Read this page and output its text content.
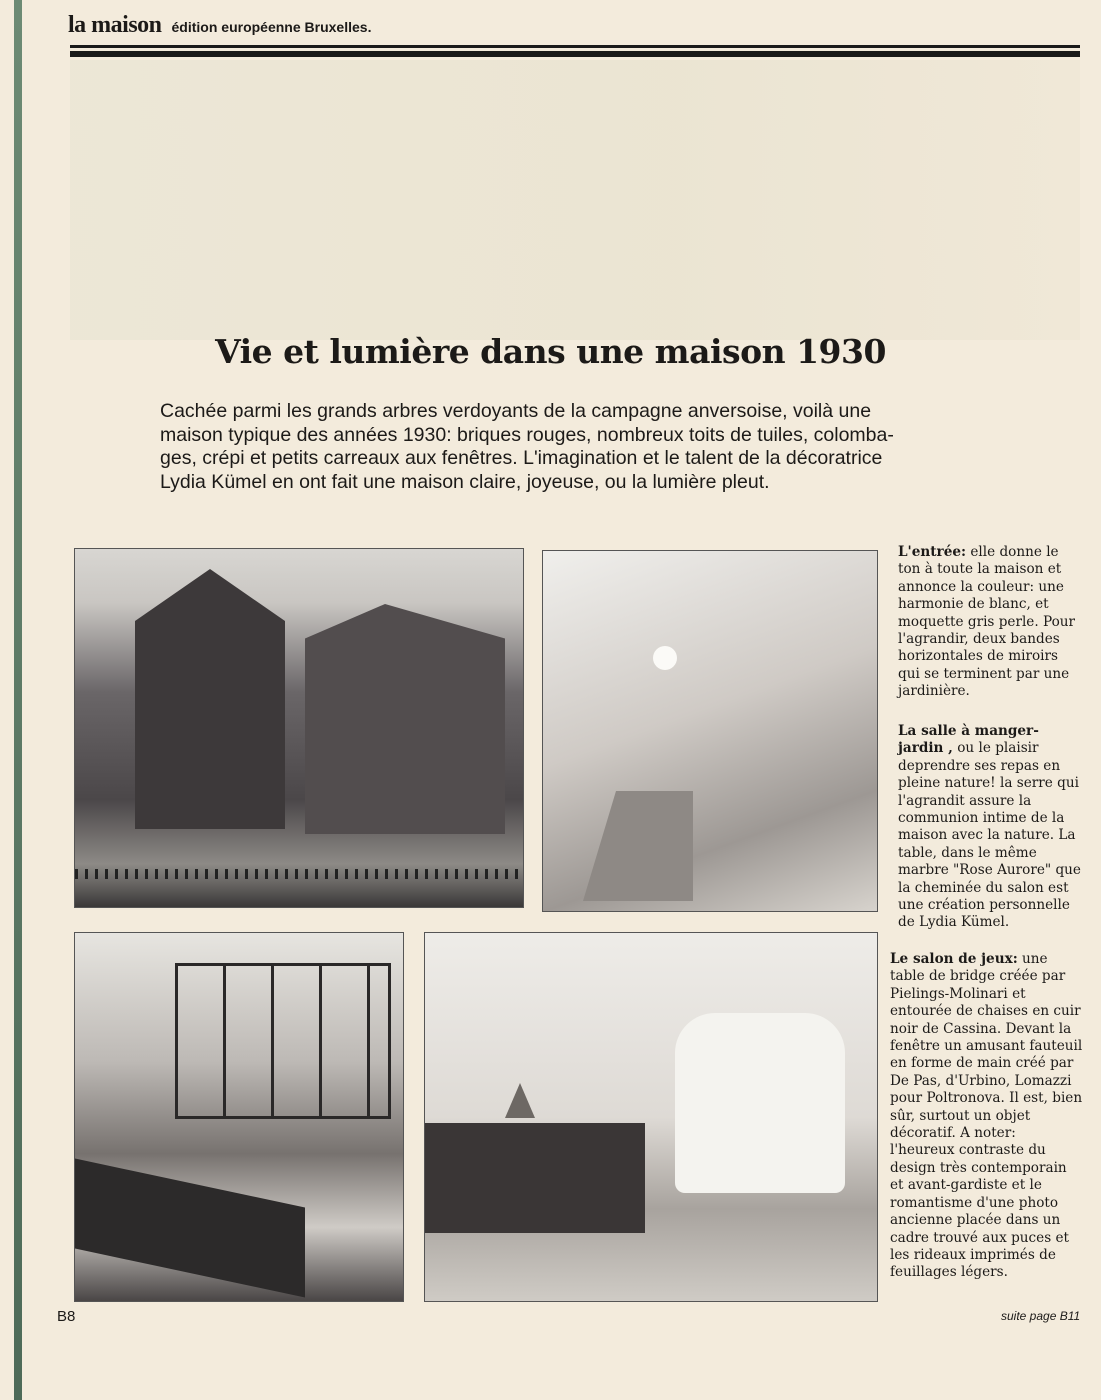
la maison édition européenne Bruxelles.
Vie et lumière dans une maison 1930
Cachée parmi les grands arbres verdoyants de la campagne anversoise, voilà une
maison typique des années 1930: briques rouges, nombreux toits de tuiles, colomba-
ges, crépi et petits carreaux aux fenêtres. L'imagination et le talent de la décoratrice
Lydia Kümel en ont fait une maison claire, joyeuse, ou la lumière pleut.
L'entrée: elle donne le ton à toute la maison et annonce la couleur: une harmonie de blanc, et moquette gris perle. Pour l'agrandir, deux bandes horizontales de miroirs qui se terminent par une jardinière.
La salle à manger-jardin , ou le plaisir deprendre ses repas en pleine nature! la serre qui l'agrandit assure la communion intime de la maison avec la nature. La table, dans le même marbre "Rose Aurore" que la cheminée du salon est une création personnelle de Lydia Kümel.
Le salon de jeux: une table de bridge créée par Pielings-Molinari et entourée de chaises en cuir noir de Cassina. Devant la fenêtre un amusant fauteuil en forme de main créé par De Pas, d'Urbino, Lomazzi pour Poltronova. Il est, bien sûr, surtout un objet décoratif. A noter: l'heureux contraste du design très contemporain et avant-gardiste et le romantisme d'une photo ancienne placée dans un cadre trouvé aux puces et les rideaux imprimés de feuillages légers.
B8	suite page B11
